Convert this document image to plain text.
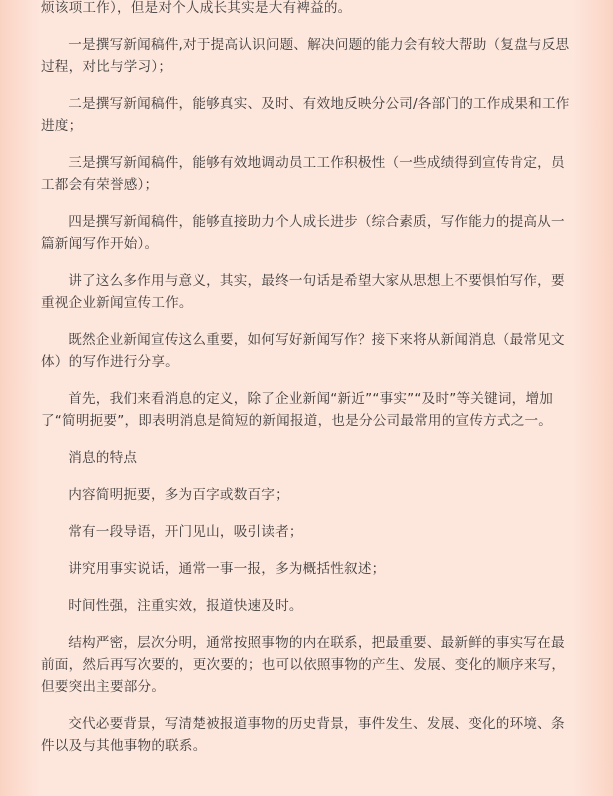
烦该项工作），但是对个人成长其实是大有裨益的。

一是撰写新闻稿件,对于提高认识问题、解决问题的能力会有较大帮助（复盘与反思过程，对比与学习）；

二是撰写新闻稿件，能够真实、及时、有效地反映分公司/各部门的工作成果和工作进度；

三是撰写新闻稿件，能够有效地调动员工工作积极性（一些成绩得到宣传肯定，员工都会有荣誉感）；

四是撰写新闻稿件，能够直接助力个人成长进步（综合素质，写作能力的提高从一篇新闻写作开始）。

讲了这么多作用与意义，其实，最终一句话是希望大家从思想上不要惧怕写作，要重视企业新闻宣传工作。

既然企业新闻宣传这么重要，如何写好新闻写作？接下来将从新闻消息（最常见文体）的写作进行分享。

首先，我们来看消息的定义，除了企业新闻“新近”“事实”“及时”等关键词，增加了“简明扼要”，即表明消息是简短的新闻报道，也是分公司最常用的宣传方式之一。

消息的特点

内容简明扼要，多为百字或数百字；

常有一段导语，开门见山，吸引读者；

讲究用事实说话，通常一事一报，多为概括性叙述；

时间性强，注重实效，报道快速及时。

结构严密，层次分明，通常按照事物的内在联系，把最重要、最新鲜的事实写在最前面，然后再写次要的，更次要的；也可以依照事物的产生、发展、变化的顺序来写，但要突出主要部分。

交代必要背景，写清楚被报道事物的历史背景，事件发生、发展、变化的环境、条件以及与其他事物的联系。
